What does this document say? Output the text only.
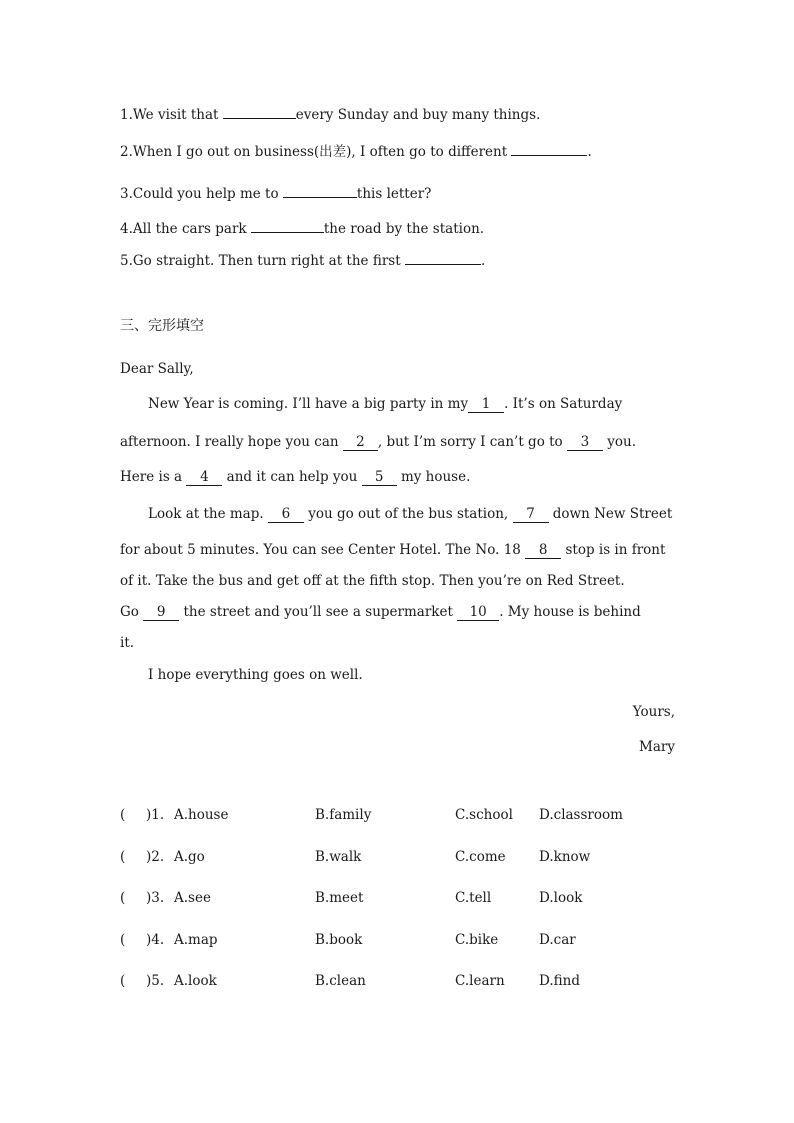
1.We visit that	every Sunday and buy many things.
2.When I go out on business(出差), I often go to different	.
3.Could you help me to	this letter?
4.All the cars park	the road by the station.
5.Go straight. Then turn right at the first	.
三、完形填空
Dear Sally,
New Year is coming. I’ll have a big party in my 1 . It’s on Saturday
afternoon. I really hope you can 2 , but I’m sorry I can’t go to 3 you.
Here is a 4 and it can help you 5 my house.
Look at the map. 6 you go out of the bus station, 7 down New Street
for about 5 minutes. You can see Center Hotel. The No. 18 8 stop is in front
of it. Take the bus and get off at the fifth stop. Then you’re on Red Street.
Go 9 the street and you’ll see a supermarket 10 . My house is behind
it.
I hope everything goes on well.
Yours,
Mary
( )1. A.house	B.family	C.school D.classroom
( )2. A.go	B.walk	C.come D.know
( )3. A.see	B.meet	C.tell	D.look
( )4. A.map	B.book	C.bike	D.car
( )5. A.look	B.clean	C.learn	D.find
